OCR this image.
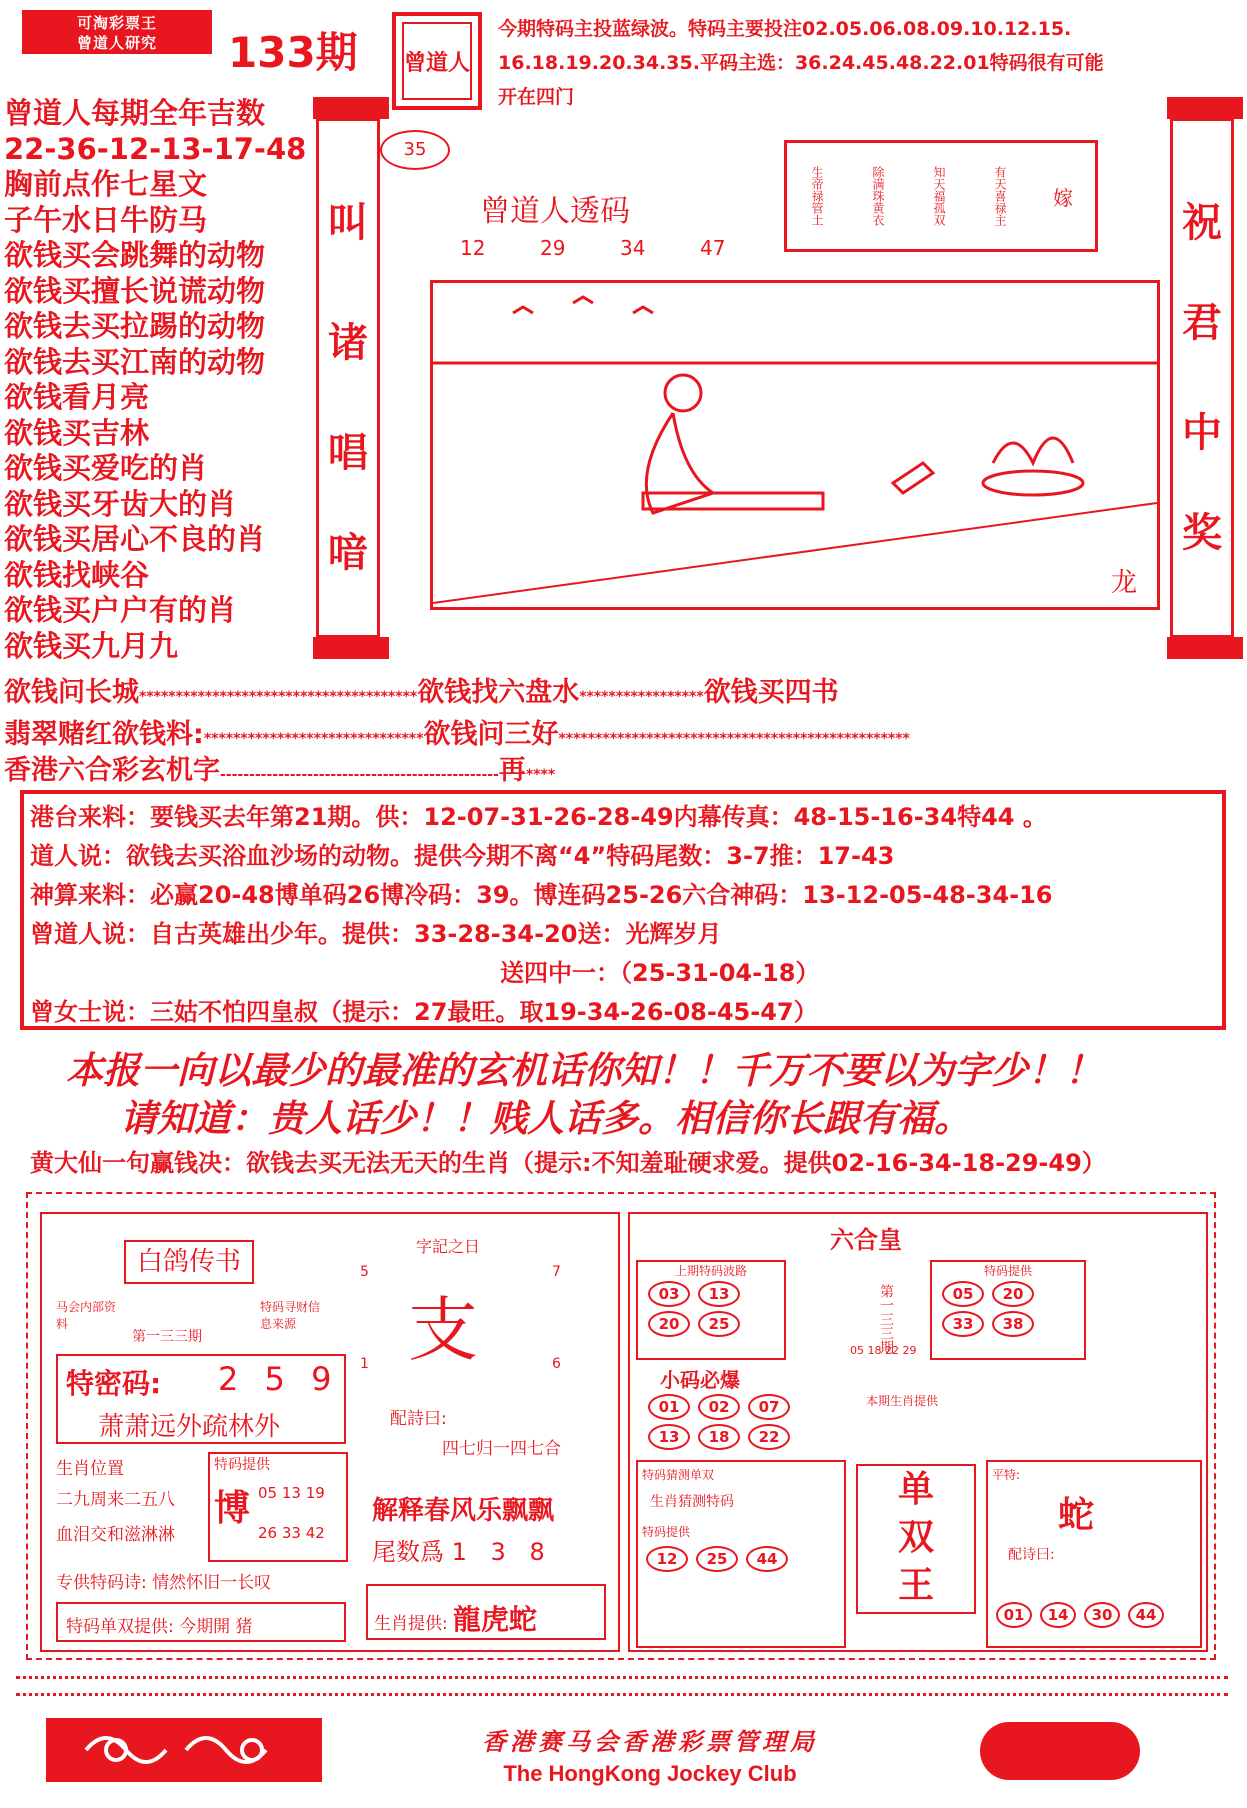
可淘彩票王
曾道人研究	133期 曾道人
今期特码主投蓝绿波。特码主要投注02.05.06.08.09.10.12.15.
16.18.19.20.34.35.平码主选：36.24.45.48.22.01特码很有可能
开在四门
曾道人每期全年吉数
22-36-12-13-17-48
胸前点作七星文
子午水日牛防马
欲钱买会跳舞的动物
欲钱买擅长说谎动物
欲钱去买拉踢的动物
欲钱去买江南的动物
欲钱看月亮
欲钱买吉林
欲钱买爱吃的肖
欲钱买牙齿大的肖
欲钱买居心不良的肖
欲钱找峡谷
欲钱买户户有的肖
欲钱买九月九
叫
诸
唱
喑
祝
君
中
奖
35
曾道人透码
12	29	34	47
生帝禄管土	除满珠黄衣	知天福孤双	有天喜禄主 嫁
龙
欲钱问长城**************************************欲钱找六盘水*****************欲钱买四书
翡翠赌红欲钱料:******************************欲钱问三好************************************************
香港六合彩玄机字------------------------------------------------再****
港台来料：要钱买去年第21期。供：12-07-31-26-28-49内幕传真：48-15-16-34特44 。
道人说：欲钱去买浴血沙场的动物。提供今期不离“4”特码尾数：3-7推：17-43
神算来料：必赢20-48博单码26博冷码：39。博连码25-26六合神码：13-12-05-48-34-16
曾道人说：自古英雄出少年。提供：33-28-34-20送：光辉岁月
送四中一：（25-31-04-18）
曾女士说：三姑不怕四皇叔（提示：27最旺。取19-34-26-08-45-47）
本报一向以最少的最准的玄机话你知！！千万不要以为字少！！
请知道：贵人话少！！贱人话多。相信你长跟有福。
黄大仙一句赢钱决：欲钱去买无法无天的生肖（提示:不知羞耻硬求爱。提供02-16-34-18-29-49）
白鸽传书
马会内部资料
特码寻财信息来源
第一三三期
特密码: 2 5 9
萧萧远外疏林外
生肖位置
二九周来二五八
血泪交和滋淋淋
特码提供
博 05 13 19
26 33 42
专供特码诗: 情然怀旧一长叹
特码单双提供: 今期開 猪
字記之日
5	7
支
1	6
配詩曰:
四七归一四七合
解释春风乐飘飘
尾数爲 1 3 8
生肖提供: 龍虎蛇
六合皇
上期特码波路
03 13
20 25	第一三三期
特码提供
05 20
33 38
05 18 22 29
小码必爆
01 02 07
13 18 22
本期生肖提供
特码猜测单双
生肖猜测特码
特码提供
12 25 44
单
双
王
平特:
蛇
配诗曰:
01 14 30 44
香港赛马会香港彩票管理局
The HongKong Jockey Club
